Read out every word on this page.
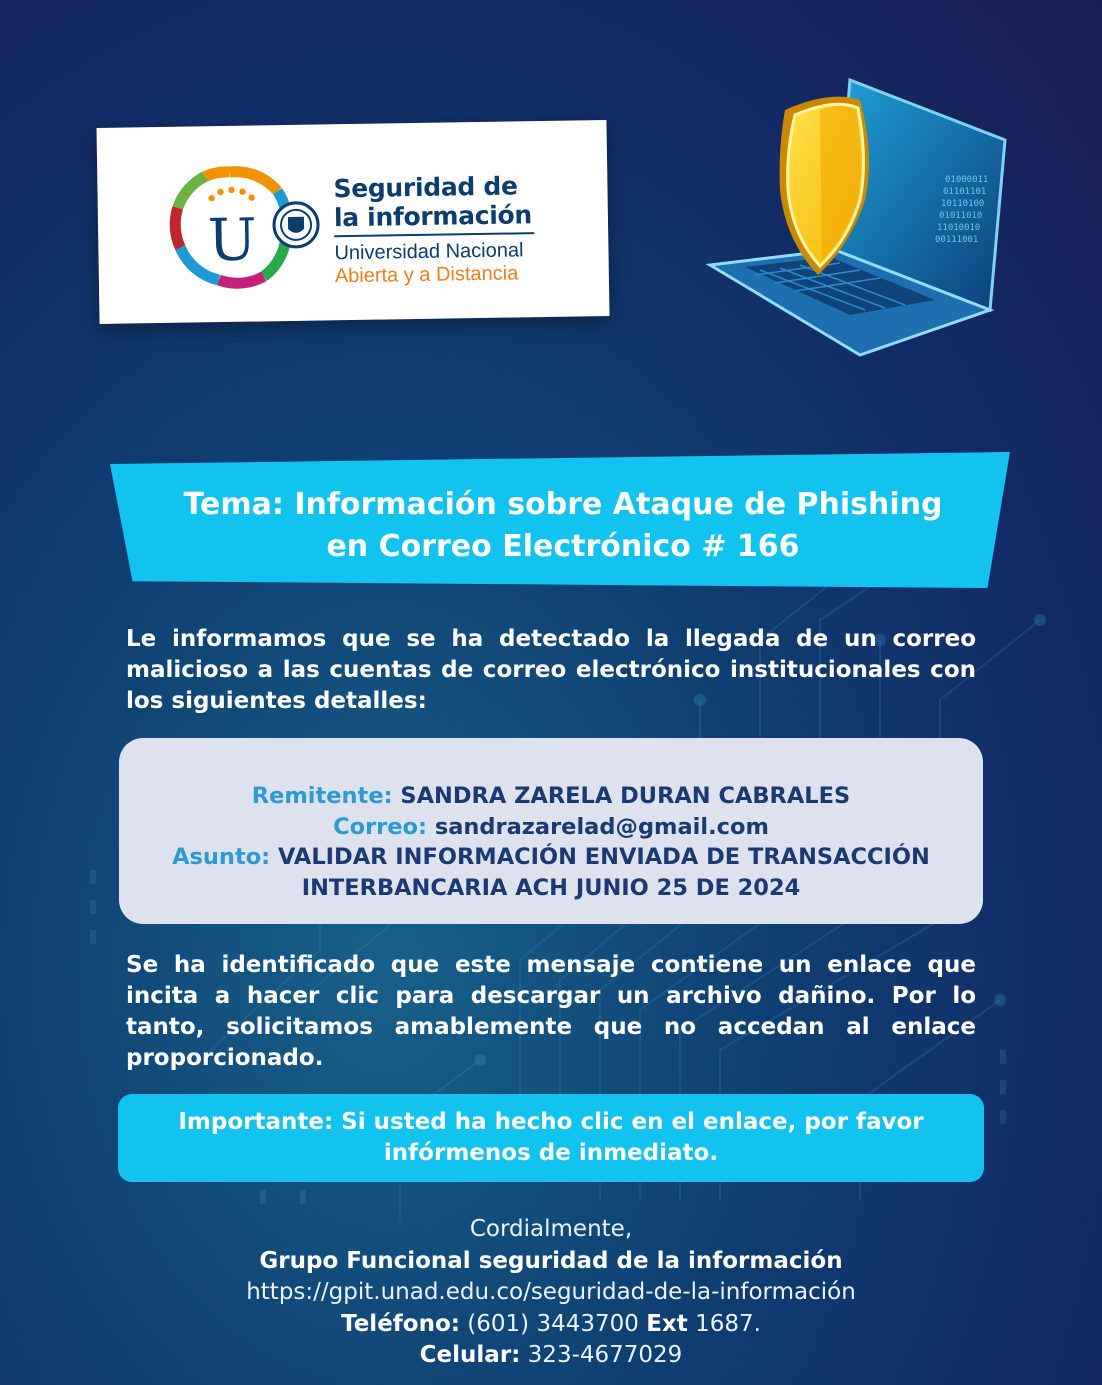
U
Seguridad de
la información
Universidad Nacional
Abierta y a Distancia
01000011
01101101
10110100
01011010
11010010
00111001
Tema: Información sobre Ataque de Phishing
en Correo Electrónico # 166
Le informamos que se ha detectado la llegada de un correo malicioso a las cuentas de correo electrónico institucionales con los siguientes detalles:
Remitente: SANDRA ZARELA DURAN CABRALES
Correo: sandrazarelad@gmail.com
Asunto: VALIDAR INFORMACIÓN ENVIADA DE TRANSACCIÓN
INTERBANCARIA ACH JUNIO 25 DE 2024
Se ha identificado que este mensaje contiene un enlace que incita a hacer clic para descargar un archivo dañino. Por lo tanto, solicitamos amablemente que no accedan al enlace proporcionado.
Importante: Si usted ha hecho clic en el enlace, por favor
infórmenos de inmediato.
Cordialmente,
Grupo Funcional seguridad de la información
https://gpit.unad.edu.co/seguridad-de-la-información
Teléfono: (601) 3443700 Ext 1687.
Celular: 323-4677029
